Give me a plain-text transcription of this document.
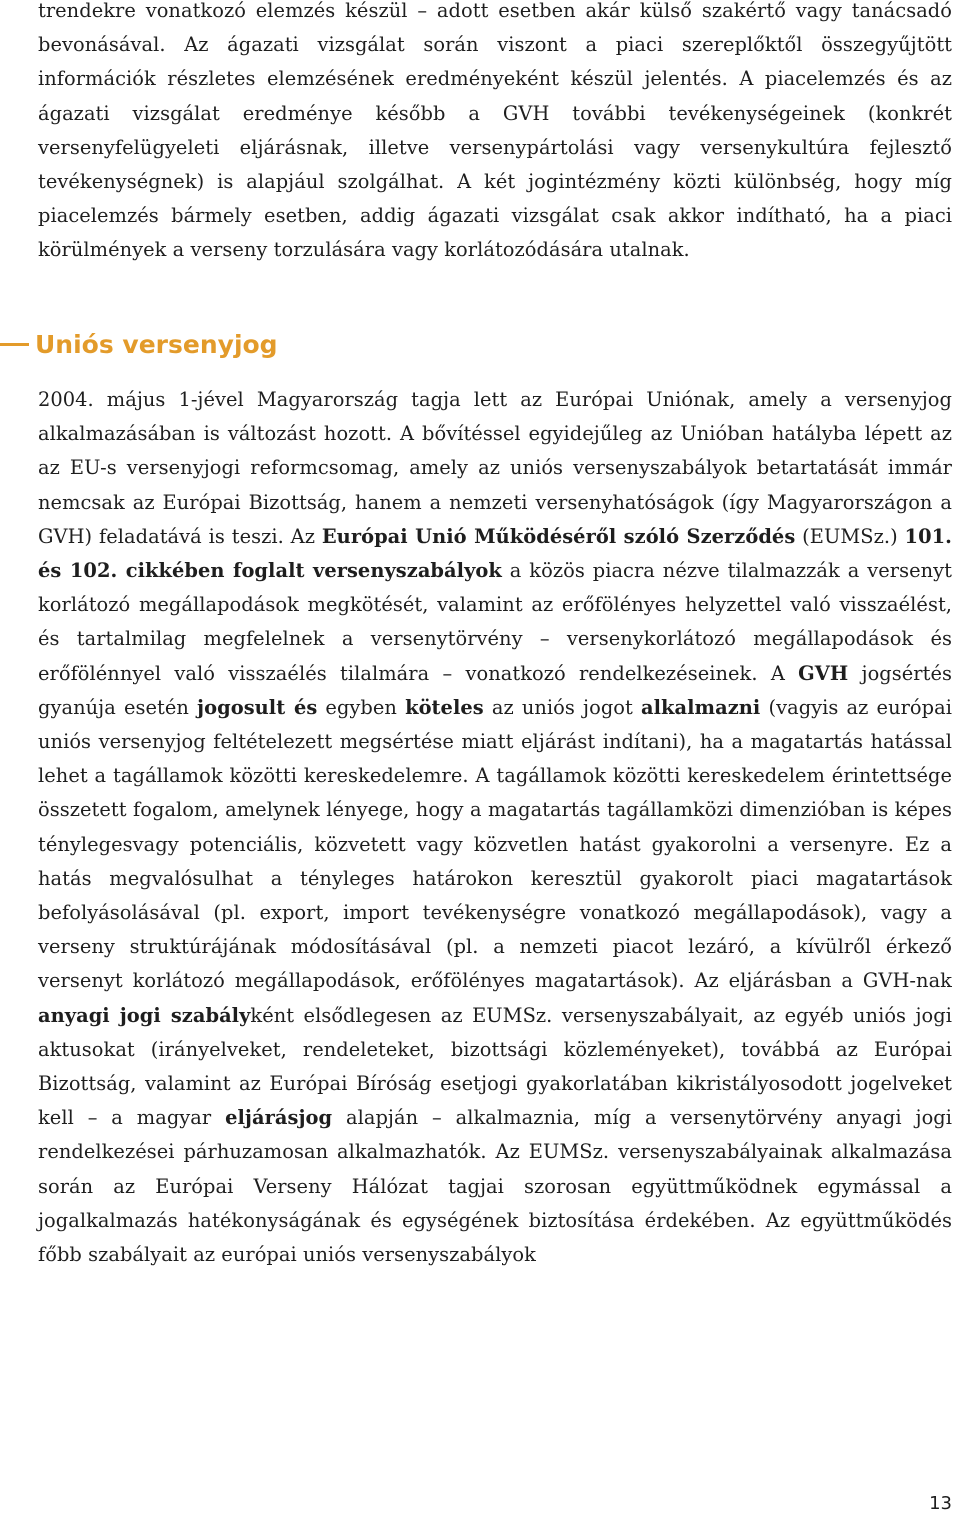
trendekre vonatkozó elemzés készül – adott esetben akár külső szakértő vagy tanácsadó bevonásával. Az ágazati vizsgálat során viszont a piaci szereplőktől összegyűjtött információk részletes elemzésének eredményeként készül jelentés. A piacelemzés és az ágazati vizsgálat eredménye később a GVH további tevékenységeinek (konkrét versenyfelügyeleti eljárásnak, illetve versenypártolási vagy versenykultúra fejlesztő tevékenységnek) is alapjául szolgálhat. A két jogintézmény közti különbség, hogy míg piacelemzés bármely esetben, addig ágazati vizsgálat csak akkor indítható, ha a piaci körülmények a verseny torzulására vagy korlátozódására utalnak.

Uniós versenyjog

2004. május 1-jével Magyarország tagja lett az Európai Uniónak, amely a versenyjog alkalmazásában is változást hozott. A bővítéssel egyidejűleg az Unióban hatályba lépett az az EU-s versenyjogi reformcsomag, amely az uniós versenyszabályok betartatását immár nemcsak az Európai Bizottság, hanem a nemzeti versenyhatóságok (így Magyarországon a GVH) feladatává is teszi. Az Európai Unió Működéséről szóló Szerződés (EUMSz.) 101. és 102. cikkében foglalt versenyszabályok a közös piacra nézve tilalmazzák a versenyt korlátozó megállapodások megkötését, valamint az erőfölényes helyzettel való visszaélést, és tartalmilag megfelelnek a versenytörvény – versenykorlátozó megállapodások és erőfölénnyel való visszaélés tilalmára – vonatkozó rendelkezéseinek. A GVH jogsértés gyanúja esetén jogosult és egyben köteles az uniós jogot alkalmazni (vagyis az európai uniós versenyjog feltételezett megsértése miatt eljárást indítani), ha a magatartás hatással lehet a tagállamok közötti kereskedelemre. A tagállamok közötti kereskedelem érintettsége összetett fogalom, amelynek lényege, hogy a magatartás tagállamközi dimenzióban is képes ténylegesvagy potenciális, közvetett vagy közvetlen hatást gyakorolni a versenyre. Ez a hatás megvalósulhat a tényleges határokon keresztül gyakorolt piaci magatartások befolyásolásával (pl. export, import tevékenységre vonatkozó megállapodások), vagy a verseny struktúrájának módosításával (pl. a nemzeti piacot lezáró, a kívülről érkező versenyt korlátozó megállapodások, erőfölényes magatartások). Az eljárásban a GVH-nak anyagi jogi szabályként elsődlegesen az EUMSz. versenyszabályait, az egyéb uniós jogi aktusokat (irányelveket, rendeleteket, bizottsági közleményeket), továbbá az Európai Bizottság, valamint az Európai Bíróság esetjogi gyakorlatában kikristályosodott jogelveket kell – a magyar eljárásjog alapján – alkalmaznia, míg a versenytörvény anyagi jogi rendelkezései párhuzamosan alkalmazhatók. Az EUMSz. versenyszabályainak alkalmazása során az Európai Verseny Hálózat tagjai szorosan együttműködnek egymással a jogalkalmazás hatékonyságának és egységének biztosítása érdekében. Az együttműködés főbb szabályait az európai uniós versenyszabályok

13
